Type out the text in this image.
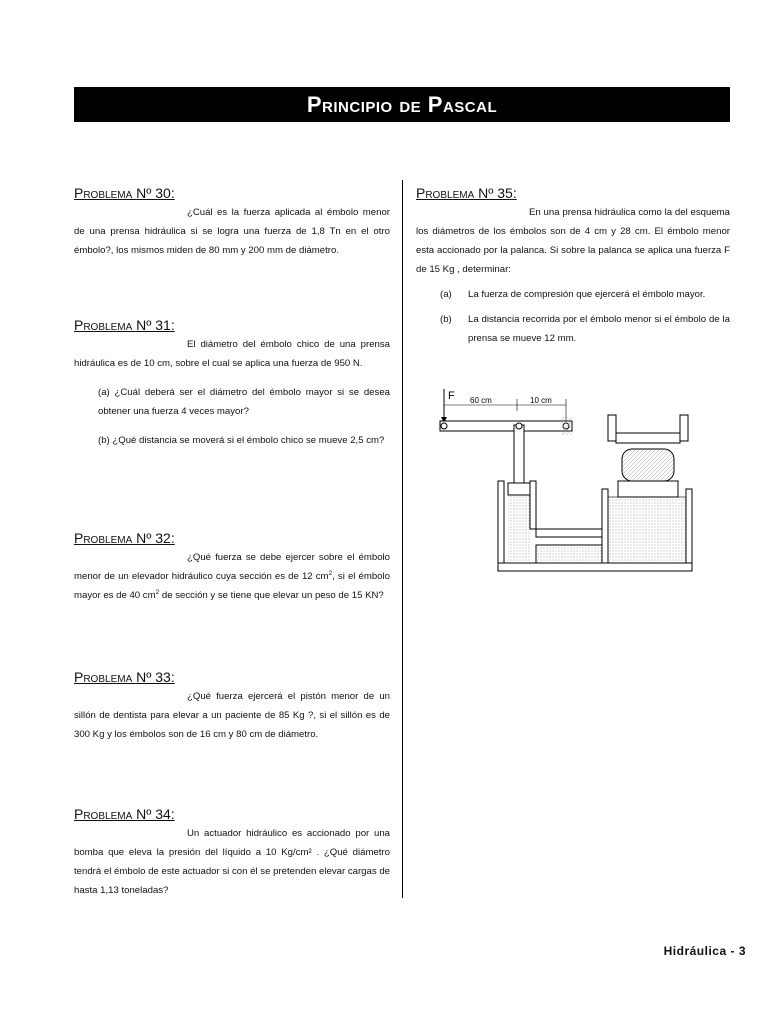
Principio de Pascal
Problema Nº 30:

¿Cuál es la fuerza aplicada al émbolo menor de una prensa hidráulica si se logra una fuerza de 1,8 Tn en el otro émbolo?, los mismos miden de 80 mm y 200 mm de diámetro.

Problema Nº 31:

El diámetro del émbolo chico de una prensa hidráulica es de 10 cm, sobre el cual se aplica una fuerza de 950 N.

(a) ¿Cuál deberá ser el diámetro del émbolo mayor si se desea obtener una fuerza 4 veces mayor?

(b) ¿Qué distancia se moverá si el émbolo chico se mueve 2,5 cm?

Problema Nº 32:

¿Qué fuerza se debe ejercer sobre el émbolo menor de un elevador hidráulico cuya sección es de 12 $cm^2$, si el émbolo mayor es de 40 $cm^2$ de sección y se tiene que elevar un peso de 15 KN?

Problema Nº 33:

¿Qué fuerza ejercerá el pistón menor de un sillón de dentista para elevar a un paciente de 85 Kg ?, si el sillón es de 300 Kg y los émbolos son de 16 cm y 80 cm de diámetro.

Problema Nº 34:

Un actuador hidráulico es accionado por una bomba que eleva la presión del líquido a 10 Kg/cm² . ¿Qué diámetro tendrá el émbolo de este actuador si con él se pretenden elevar cargas de hasta 1,13 toneladas?

Problema Nº 35:

En una prensa hidráulica como la del esquema los diámetros de los émbolos son de 4 cm y 28 cm. El émbolo menor esta accionado por la palanca. Si sobre la palanca se aplica una fuerza F de 15 Kg , determinar:

(a)	La fuerza de compresión que ejercerá el émbolo mayor.
(b)	La distancia recorrida por el émbolo menor si el émbolo de la prensa se mueve 12 mm.
F 60 cm	10 cm
Hidráulica - 3
